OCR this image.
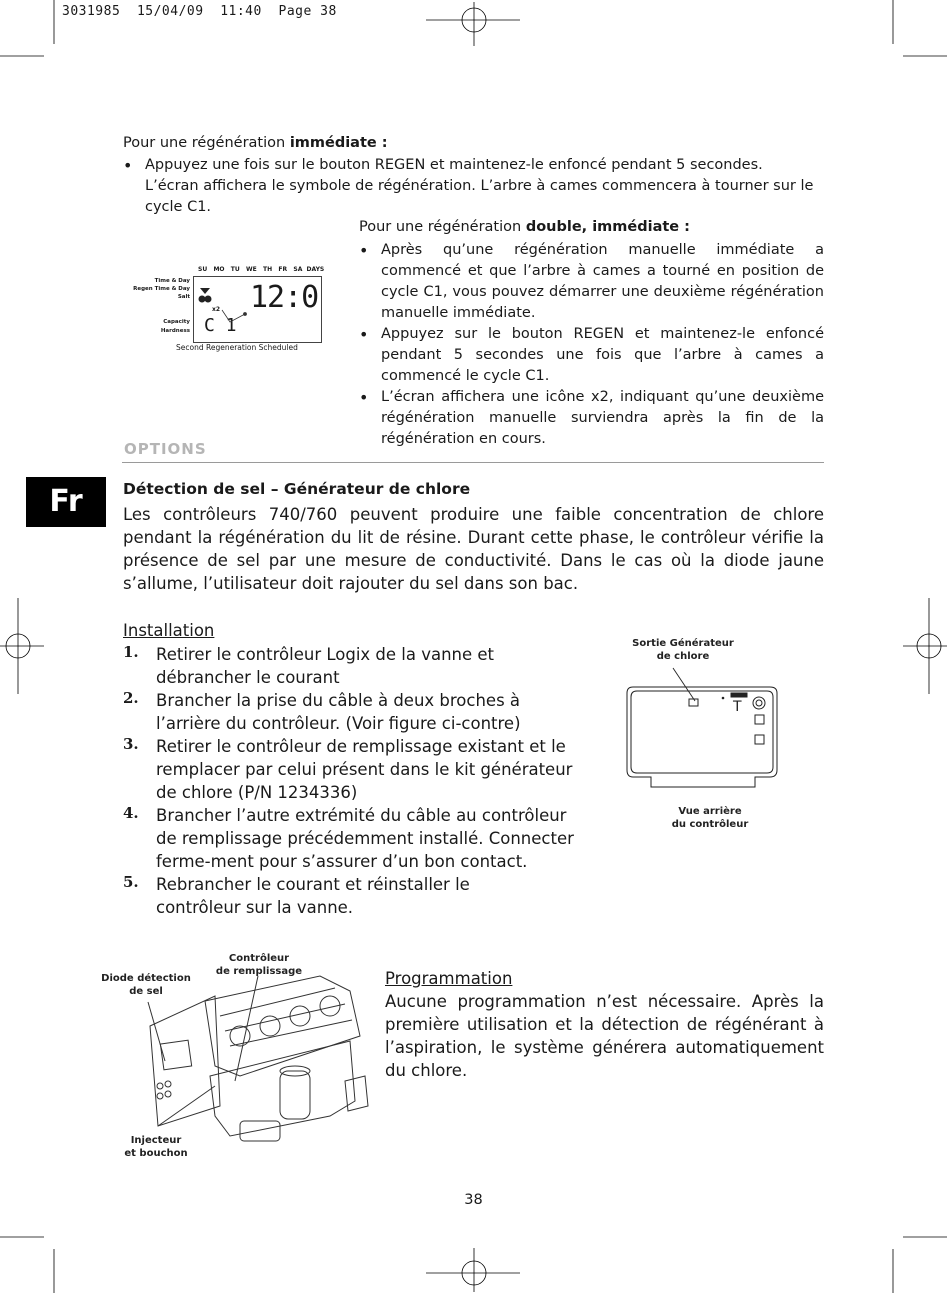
3031985  15/04/09  11:40  Page 38
Pour une régénération immédiate :
• Appuyez une fois sur le bouton REGEN et maintenez-le enfoncé pendant 5 secondes.
L’écran affichera le symbole de régénération. L’arbre à cames commencera à tourner sur le cycle C1.
Pour une régénération double, immédiate :
• Après qu’une régénération manuelle immédiate a commencé et que l’arbre à cames a tourné en position de cycle C1, vous pouvez démarrer une deuxième régénération manuelle immédiate.
• Appuyez sur le bouton REGEN et maintenez-le enfoncé pendant 5 secondes une fois que l’arbre à cames a commencé le cycle C1.
• L’écran affichera une icône x2, indiquant qu’une deuxième régénération manuelle surviendra après la fin de la régénération en cours.
SU   MO   TU   WE   TH   FR   SA  DAYS
Time & Day
Regen Time & Day
Salt
Capacity
Hardness
x2 12:0
C 1
Second Regeneration Scheduled
OPTIONS
Fr	Détection de sel – Générateur de chlore
Les contrôleurs 740/760 peuvent produire une faible concentration de chlore pendant la régénération du lit de résine. Durant cette phase, le contrôleur vérifie la présence de sel par une mesure de conductivité. Dans le cas où la diode jaune s’allume, l’utilisateur doit rajouter du sel dans son bac.
Installation
1. Retirer le contrôleur Logix de la vanne et débrancher le courant
2. Brancher la prise du câble à deux broches à l’arrière du contrôleur. (Voir figure ci-contre)
3. Retirer le contrôleur de remplissage existant et le remplacer par celui présent dans le kit générateur de chlore (P/N 1234336)
4. Brancher l’autre extrémité du câble au contrôleur de remplissage précédemment installé. Connecter ferme-ment pour s’assurer d’un bon contact.
5. Rebrancher le courant et réinstaller le contrôleur sur la vanne.
Sortie Générateur
de chlore
T
Vue arrière
du contrôleur
Diode détection
de sel
Contrôleur
de remplissage
Injecteur
et bouchon
Programmation
Aucune programmation n’est nécessaire. Après la première utilisation et la détection de régénérant à l’aspiration, le système générera automatiquement du chlore.
38
